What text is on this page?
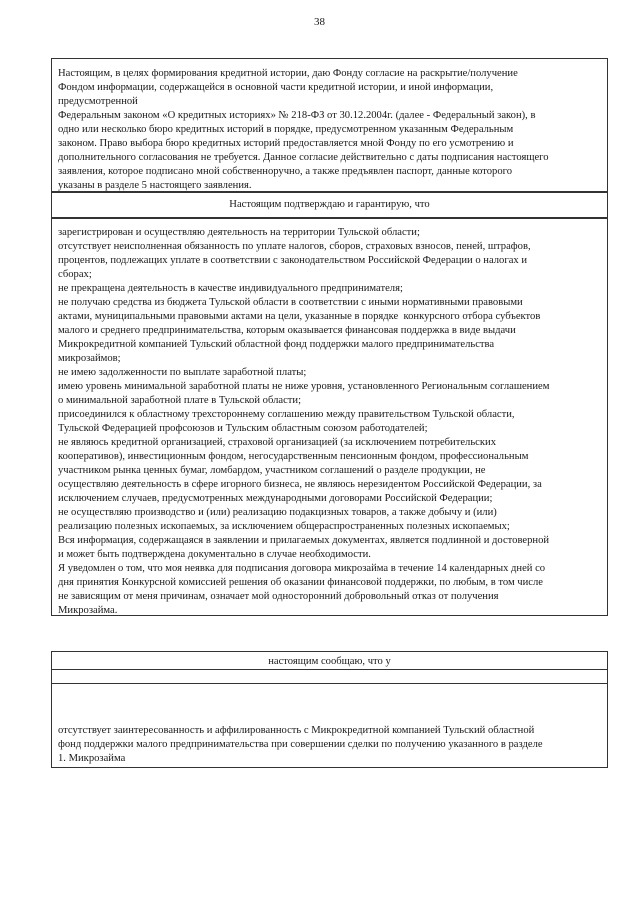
38
Настоящим, в целях формирования кредитной истории, даю Фонду согласие на раскрытие/получение
Фондом информации, содержащейся в основной части кредитной истории, и иной информации,
предусмотренной
Федеральным законом «О кредитных историях» № 218-ФЗ от 30.12.2004г. (далее - Федеральный закон), в
одно или несколько бюро кредитных историй в порядке, предусмотренном указанным Федеральным
законом. Право выбора бюро кредитных историй предоставляется мной Фонду по его усмотрению и
дополнительного согласования не требуется. Данное согласие действительно с даты подписания настоящего
заявления, которое подписано мной собственноручно, а также предъявлен паспорт, данные которого
указаны в разделе 5 настоящего заявления.
Настоящим подтверждаю и гарантирую, что
зарегистрирован и осуществляю деятельность на территории Тульской области;
отсутствует неисполненная обязанность по уплате налогов, сборов, страховых взносов, пеней, штрафов,
процентов, подлежащих уплате в соответствии с законодательством Российской Федерации о налогах и
сборах;
не прекращена деятельность в качестве индивидуального предпринимателя;
не получаю средства из бюджета Тульской области в соответствии с иными нормативными правовыми
актами, муниципальными правовыми актами на цели, указанные в порядке  конкурсного отбора субъектов
малого и среднего предпринимательства, которым оказывается финансовая поддержка в виде выдачи
Микрокредитной компанией Тульский областной фонд поддержки малого предпринимательства
микрозаймов;
не имею задолженности по выплате заработной платы;
имею уровень минимальной заработной платы не ниже уровня, установленного Региональным соглашением
о минимальной заработной плате в Тульской области;
присоединился к областному трехстороннему соглашению между правительством Тульской области,
Тульской Федерацией профсоюзов и Тульским областным союзом работодателей;
не являюсь кредитной организацией, страховой организацией (за исключением потребительских
кооперативов), инвестиционным фондом, негосударственным пенсионным фондом, профессиональным
участником рынка ценных бумаг, ломбардом, участником соглашений о разделе продукции, не
осуществляю деятельность в сфере игорного бизнеса, не являюсь нерезидентом Российской Федерации, за
исключением случаев, предусмотренных международными договорами Российской Федерации;
не осуществляю производство и (или) реализацию подакцизных товаров, а также добычу и (или)
реализацию полезных ископаемых, за исключением общераспространенных полезных ископаемых;
Вся информация, содержащаяся в заявлении и прилагаемых документах, является подлинной и достоверной
и может быть подтверждена документально в случае необходимости.
Я уведомлен о том, что моя неявка для подписания договора микрозайма в течение 14 календарных дней со
дня принятия Конкурсной комиссией решения об оказании финансовой поддержки, по любым, в том числе
не зависящим от меня причинам, означает мой односторонний добровольный отказ от получения
Микрозайма.
настоящим сообщаю, что у
отсутствует заинтересованность и аффилированность с Микрокредитной компанией Тульский областной
фонд поддержки малого предпринимательства при совершении сделки по получению указанного в разделе
1. Микрозайма
